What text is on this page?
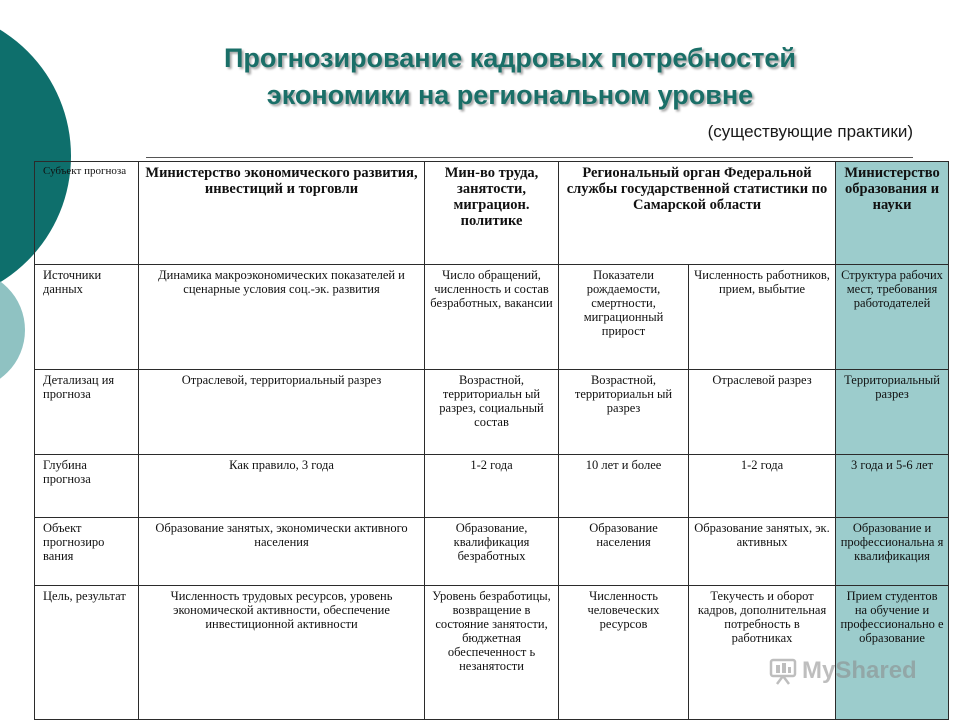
Прогнозирование кадровых потребностей
экономики на региональном уровне
(существующие практики)
Субъект прогноза	Министерство экономического развития, инвестиций и торговли	Мин-во труда, занятости, миграцион. политике	Региональный орган Федеральной службы государственной статистики по Самарской области		Министерство образования и науки	
Источники данных	Динамика макроэкономических показателей и сценарные условия соц.-эк. развития	Число обращений, численность и состав безработных, вакансии	Показатели рождаемости, смертности, миграционный прирост	Численность работников, прием, выбытие	Структура рабочих мест, требования работодателей	
Детализац ия прогноза	Отраслевой, территориальный разрез	Возрастной, территориальн ый разрез, социальный состав	Возрастной, территориальн ый разрез	Отраслевой разрез	Территориальный разрез	
Глубина прогноза	Как правило, 3 года	1-2 года	10 лет и более	1-2 года	3 года и 5-6 лет	
Объект прогнозиро вания	Образование занятых, экономически активного населения	Образование, квалификация безработных	Образование населения	Образование занятых, эк. активных	Образование и профессиональна я квалификация	
Цель, результат	Численность трудовых ресурсов, уровень экономической активности, обеспечение инвестиционной активности	Уровень безработицы, возвращение в состояние занятости, бюджетная обеспеченност ь незанятости	Численность человеческих ресурсов	Текучесть и оборот кадров, дополнительная потребность в работниках	Прием студентов на обучение и профессионально е образование	
MyShared
